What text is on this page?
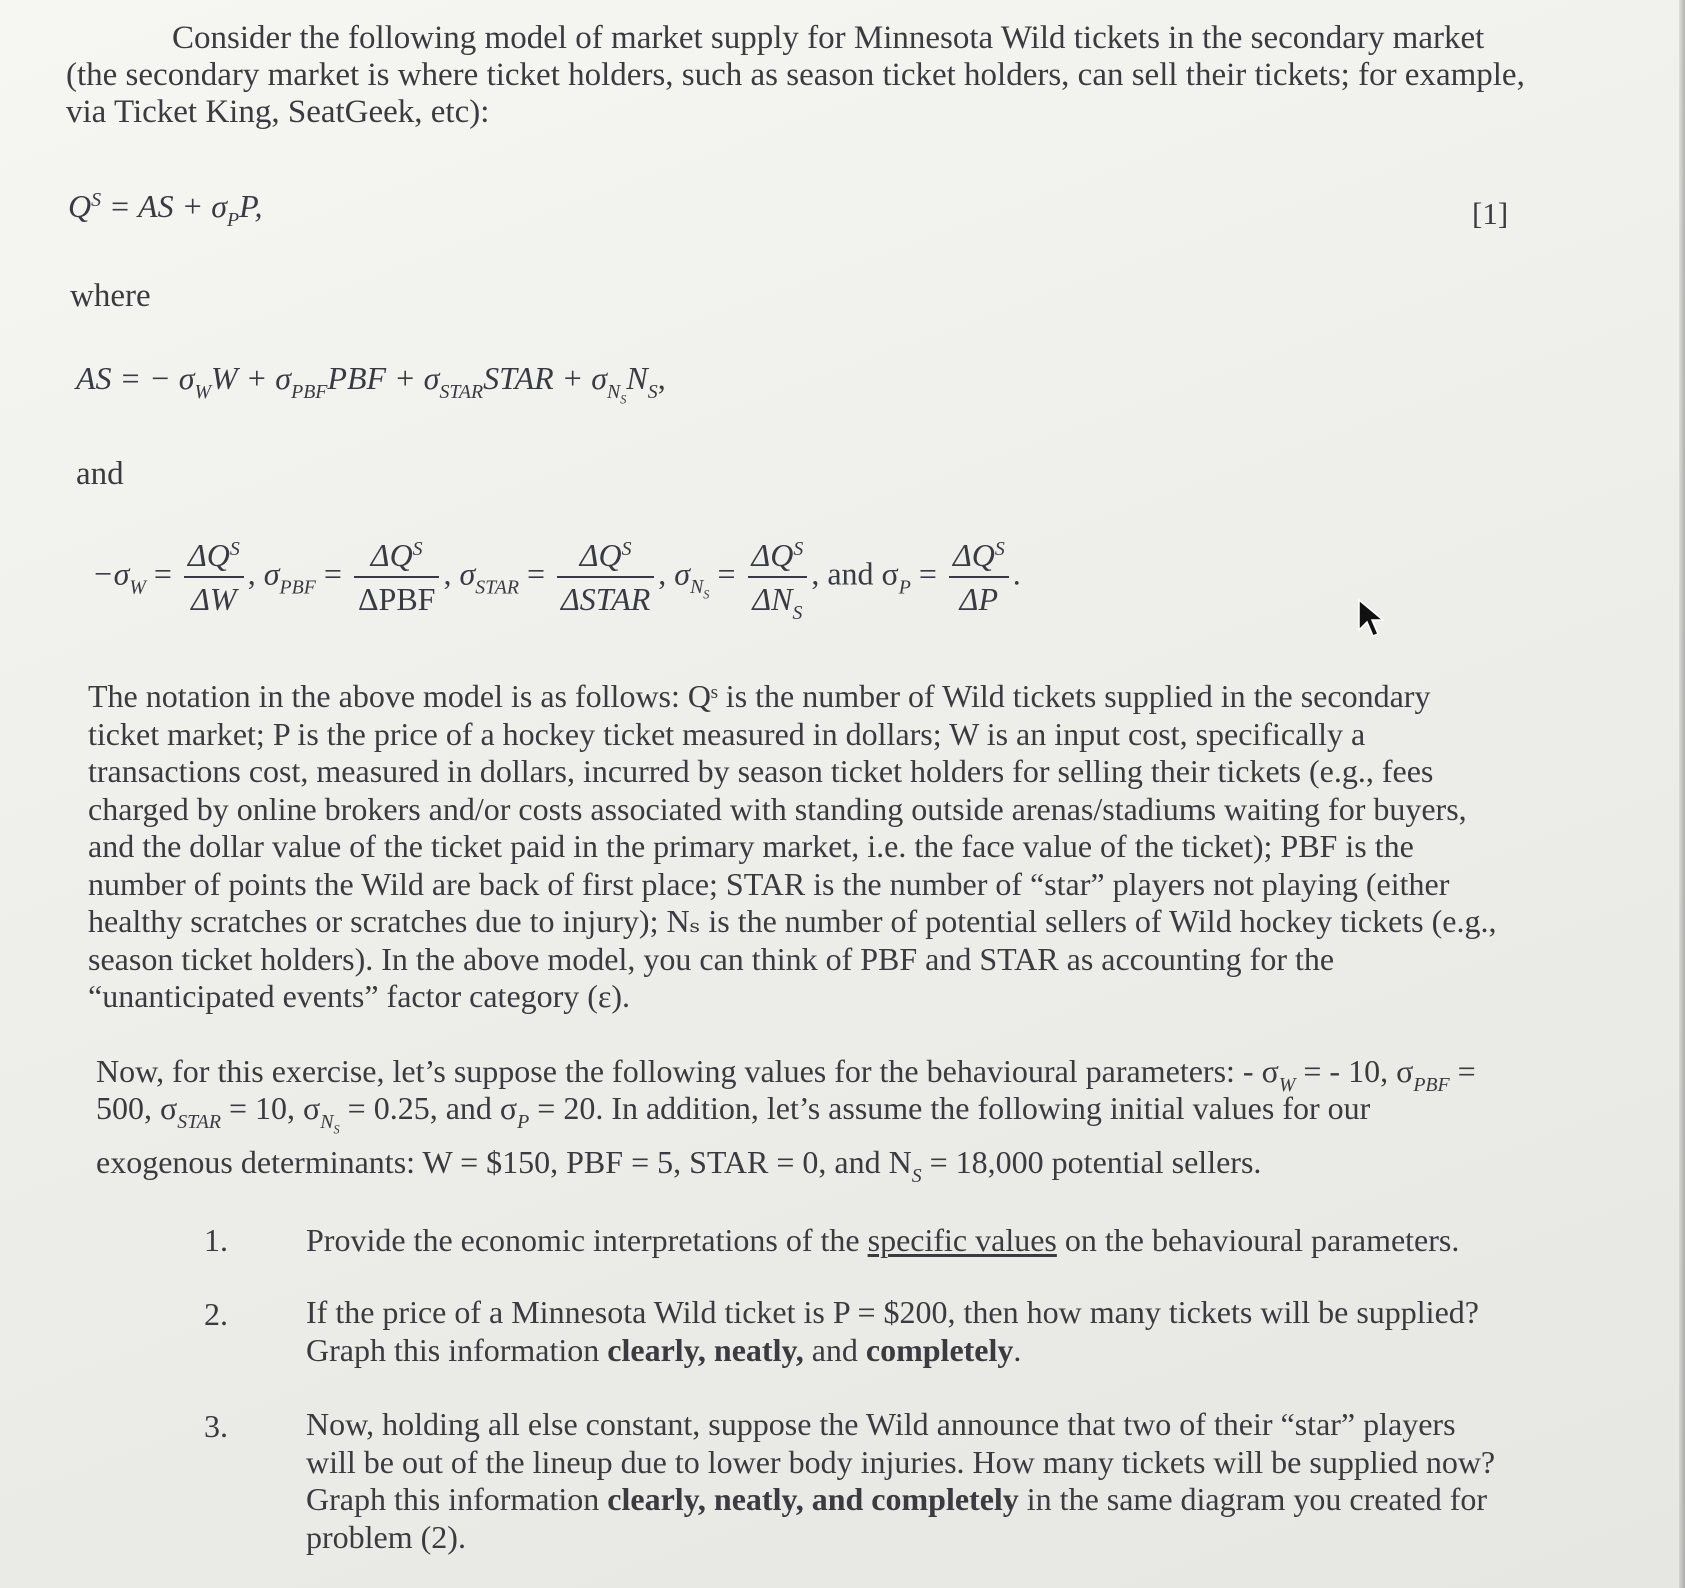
Consider the following model of market supply for Minnesota Wild tickets in the secondary market (the secondary market is where ticket holders, such as season ticket holders, can sell their tickets; for example, via Ticket King, SeatGeek, etc):
$Q^S$ = AS + $\sigma_PP$,	[1]
where
AS = − $\sigma_WW + \sigma_{PBF}PBF$ + $\sigma_{STAR}STAR + \sigma_{N_S}N_S$,
and
$-\sigma_W = \frac{\Delta Q^S}{\Delta W}$ , $\sigma_{PBF} = \frac{\Delta Q^S}{\text{ΔPBF}}$ , $\sigma_{STAR} = \frac{\Delta Q^S}{\text{ΔSTAR}}$ , $\sigma_{N_S} = \frac{\Delta Q^S}{\Delta N_S}$ , and $\sigma_P = \frac{\Delta Q^S}{\Delta P}$ .
The notation in the above model is as follows: Qˢ is the number of Wild tickets supplied in the secondary ticket market; P is the price of a hockey ticket measured in dollars; W is an input cost, specifically a transactions cost, measured in dollars, incurred by season ticket holders for selling their tickets (e.g., fees charged by online brokers and/or costs associated with standing outside arenas/stadiums waiting for buyers, and the dollar value of the ticket paid in the primary market, i.e. the face value of the ticket); PBF is the number of points the Wild are back of first place; STAR is the number of “star” players not playing (either healthy scratches or scratches due to injury); Nₛ is the number of potential sellers of Wild hockey tickets (e.g., season ticket holders). In the above model, you can think of PBF and STAR as accounting for the “unanticipated events” factor category (ε).
Now, for this exercise, let’s suppose the following values for the behavioural parameters: - $\sigma_W$ = - 10, $\sigma_{PBF}$ =
500, $\sigma_{STAR} = 10$, $\sigma_{N_S} = 0.25$, and $\sigma_P = 20$. In addition, let’s assume the following initial values for our
exogenous determinants: W = $150, PBF = 5, STAR = 0, and $N_S = 18,000$ potential sellers.
1. Provide the economic interpretations of the specific values on the behavioural parameters.
2. If the price of a Minnesota Wild ticket is P = $200, then how many tickets will be supplied? Graph this information clearly, neatly, and completely.
3. Now, holding all else constant, suppose the Wild announce that two of their “star” players will be out of the lineup due to lower body injuries. How many tickets will be supplied now? Graph this information clearly, neatly, and completely in the same diagram you created for problem (2).
